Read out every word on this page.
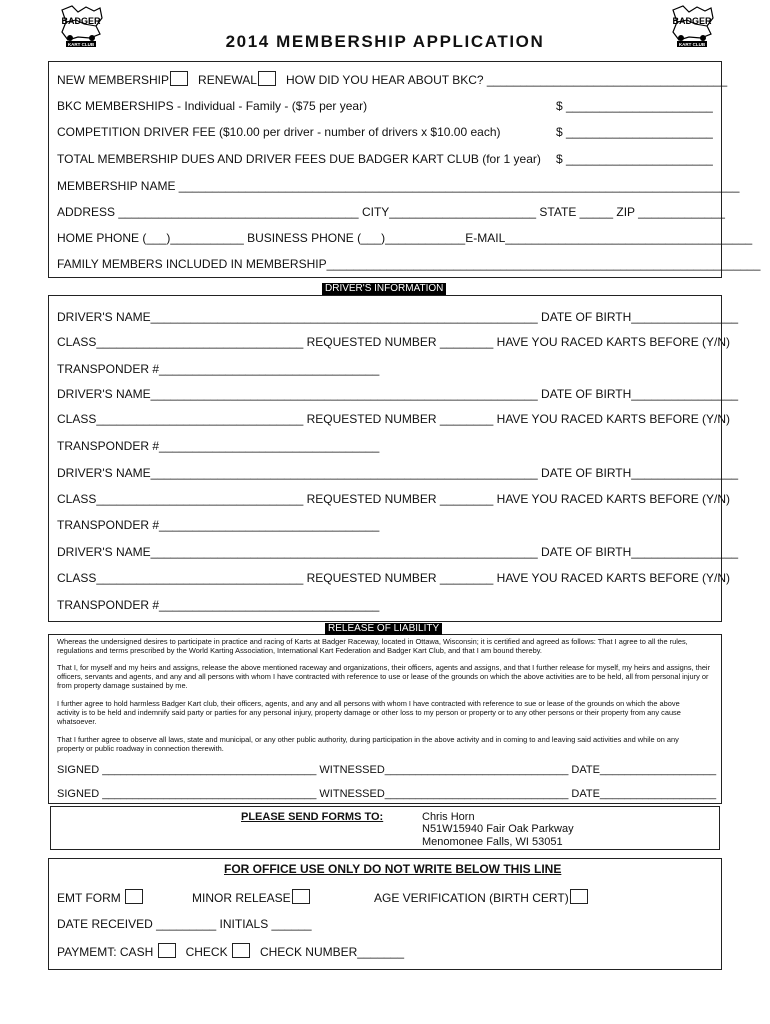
BADGER
KART CLUB
BADGER
KART CLUB
2014 MEMBERSHIP APPLICATION
NEW MEMBERSHIP RENEWAL HOW DID YOU HEAR ABOUT BKC? ____________________________________
BKC MEMBERSHIPS - Individual - Family - ($75 per year)	$ ______________________
COMPETITION DRIVER FEE ($10.00 per driver - number of drivers x $10.00 each)	$ ______________________
TOTAL MEMBERSHIP DUES AND DRIVER FEES DUE BADGER KART CLUB (for 1 year) $ ______________________
MEMBERSHIP NAME ____________________________________________________________________________________
ADDRESS ____________________________________ CITY______________________ STATE _____ ZIP _____________
HOME PHONE (___)___________ BUSINESS PHONE (___)____________E-MAIL_____________________________________
FAMILY MEMBERS INCLUDED IN MEMBERSHIP_________________________________________________________________
DRIVER'S INFORMATION
DRIVER'S NAME__________________________________________________________ DATE OF BIRTH________________
CLASS_______________________________ REQUESTED NUMBER ________ HAVE YOU RACED KARTS BEFORE (Y/N)
TRANSPONDER #_________________________________
DRIVER'S NAME__________________________________________________________ DATE OF BIRTH________________
CLASS_______________________________ REQUESTED NUMBER ________ HAVE YOU RACED KARTS BEFORE (Y/N)
TRANSPONDER #_________________________________
DRIVER'S NAME__________________________________________________________ DATE OF BIRTH________________
CLASS_______________________________ REQUESTED NUMBER ________ HAVE YOU RACED KARTS BEFORE (Y/N)
TRANSPONDER #_________________________________
DRIVER'S NAME__________________________________________________________ DATE OF BIRTH________________
CLASS_______________________________ REQUESTED NUMBER ________ HAVE YOU RACED KARTS BEFORE (Y/N)
TRANSPONDER #_________________________________
RELEASE OF LIABILITY
Whereas the undersigned desires to participate in practice and racing of Karts at Badger Raceway, located in Ottawa, Wisconsin; it is certified and agreed as follows: That I agree to all the rules, regulations and terms prescribed by the World Karting Association, International Kart Federation and Badger Kart Club, and that I am bound thereby.
That I, for myself and my heirs and assigns, release the above mentioned raceway and organizations, their officers, agents and assigns, and that I further release for myself, my heirs and assigns, their officers, servants and agents, and any and all persons with whom I have contracted with reference to use or lease of the grounds on which the above activities are to be held, all from personal injury or from property damage sustained by me.
I further agree to hold harmless Badger Kart club, their officers, agents, and any and all persons with whom I have contracted with reference to sue or lease of the grounds on which the above activity is to be held and indemnify said party or parties for any personal injury, property damage or other loss to my person or property or to any other persons or their property from any cause whatsoever.
That I further agree to observe all laws, state and municipal, or any other public authority, during participation in the above activity and in coming to and leaving said activities and while on any property or public roadway in connection therewith.
SIGNED ___________________________________ WITNESSED______________________________ DATE___________________
SIGNED ___________________________________ WITNESSED______________________________ DATE___________________
PLEASE SEND FORMS TO:	Chris Horn
N51W15940 Fair Oak Parkway
Menomonee Falls, WI 53051
FOR OFFICE USE ONLY DO NOT WRITE BELOW THIS LINE
EMT FORM	MINOR RELEASE	AGE VERIFICATION (BIRTH CERT)
DATE RECEIVED _________ INITIALS ______
PAYMEMT: CASH	CHECK	CHECK NUMBER_______
